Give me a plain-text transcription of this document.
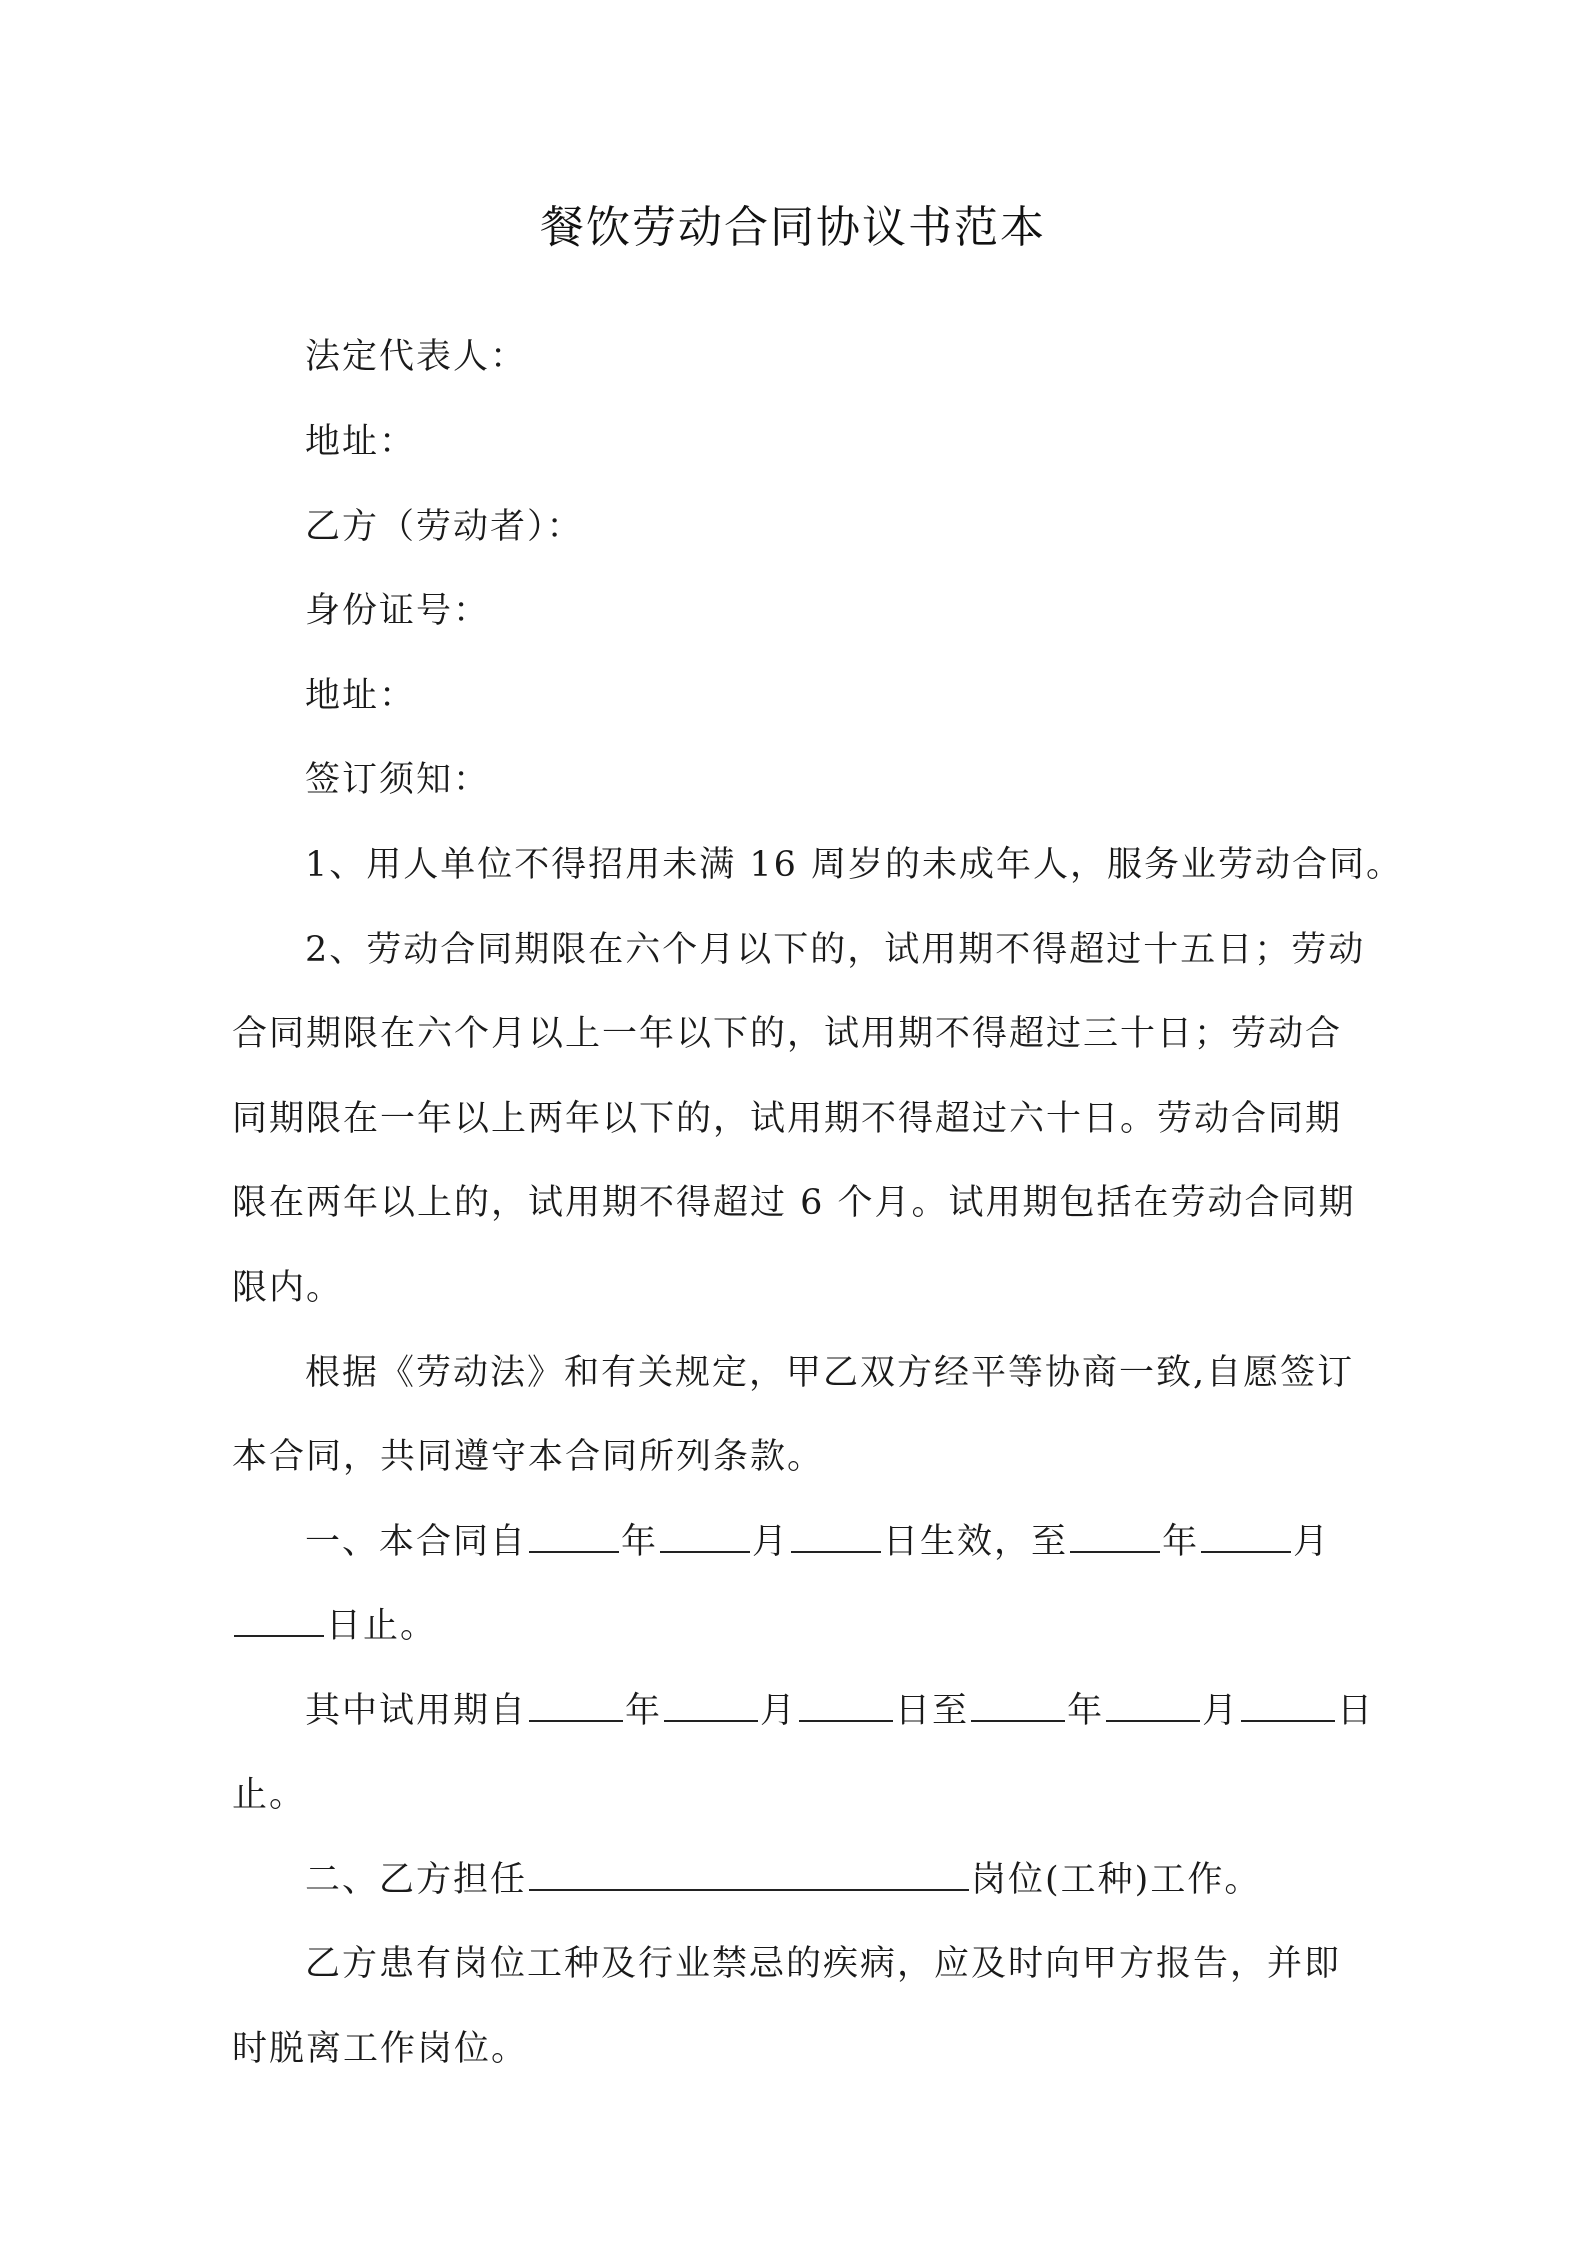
餐饮劳动合同协议书范本
法定代表人：
地址：
乙方（劳动者）：
身份证号：
地址：
签订须知：
1、用人单位不得招用未满 16 周岁的未成年人，服务业劳动合同。
2、劳动合同期限在六个月以下的，试用期不得超过十五日；劳动
合同期限在六个月以上一年以下的，试用期不得超过三十日；劳动合
同期限在一年以上两年以下的，试用期不得超过六十日。劳动合同期
限在两年以上的，试用期不得超过 6 个月。试用期包括在劳动合同期
限内。
根据《劳动法》和有关规定，甲乙双方经平等协商一致,自愿签订
本合同，共同遵守本合同所列条款。
一、本合同自	年	月	日生效，至	年	月
日止。
其中试用期自	年	月	日至	年	月	日
止。
二、乙方担任	岗位(工种)工作。
乙方患有岗位工种及行业禁忌的疾病，应及时向甲方报告，并即
时脱离工作岗位。
